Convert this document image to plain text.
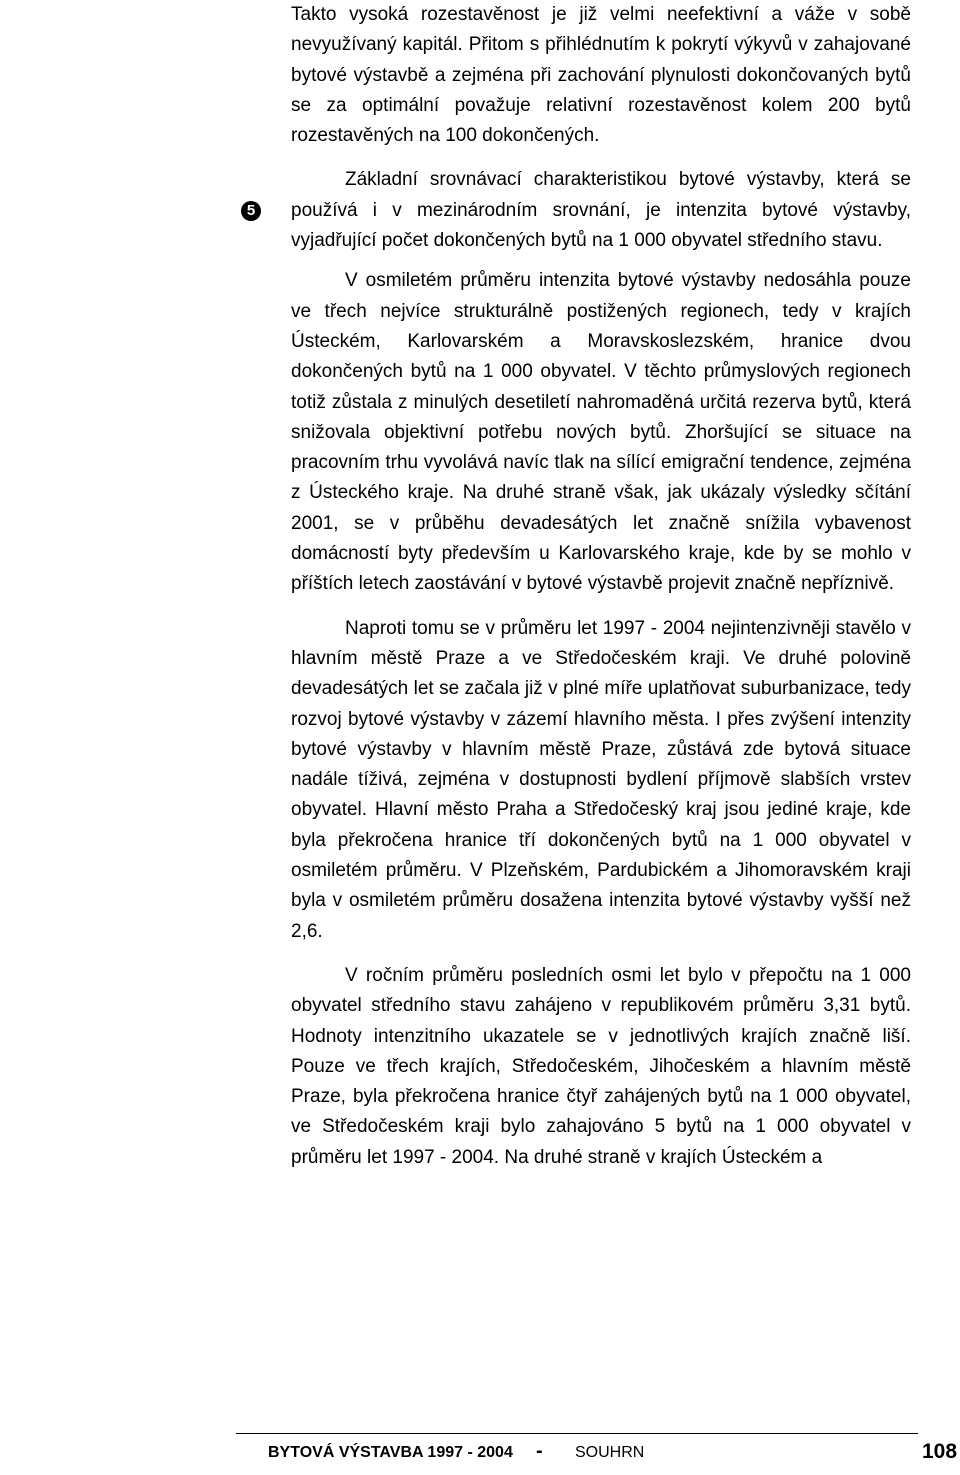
5

Takto vysoká rozestavěnost je již velmi neefektivní a váže v sobě nevyužívaný kapitál. Přitom s přihlédnutím k pokrytí výkyvů v zahajované bytové výstavbě a zejména při zachování plynulosti dokončovaných bytů se za optimální považuje relativní rozestavěnost kolem 200 bytů rozestavěných na 100 dokončených.

Základní srovnávací charakteristikou bytové výstavby, která se používá i v mezinárodním srovnání, je intenzita bytové výstavby, vyjadřující počet dokončených bytů na 1 000 obyvatel středního stavu.

V osmiletém průměru intenzita bytové výstavby nedosáhla pouze ve třech nejvíce strukturálně postižených regionech, tedy v krajích Ústeckém, Karlovarském a Moravskoslezském, hranice dvou dokončených bytů na 1 000 obyvatel. V těchto průmyslových regionech totiž zůstala z minulých desetiletí nahromaděná určitá rezerva bytů, která snižovala objektivní potřebu nových bytů. Zhoršující se situace na pracovním trhu vyvolává navíc tlak na sílící emigrační tendence, zejména z Ústeckého kraje. Na druhé straně však, jak ukázaly výsledky sčítání 2001, se v průběhu devadesátých let značně snížila vybavenost domácností byty především u Karlovarského kraje, kde by se mohlo v příštích letech zaostávání v bytové výstavbě projevit značně nepříznivě.

Naproti tomu se v průměru let 1997 - 2004 nejintenzivněji stavělo v hlavním městě Praze a ve Středočeském kraji. Ve druhé polovině devadesátých let se začala již v plné míře uplatňovat suburbanizace, tedy rozvoj bytové výstavby v zázemí hlavního města. I přes zvýšení intenzity bytové výstavby v hlavním městě Praze, zůstává zde bytová situace nadále tíživá, zejména v dostupnosti bydlení příjmově slabších vrstev obyvatel. Hlavní město Praha a Středočeský kraj jsou jediné kraje, kde byla překročena hranice tří dokončených bytů na 1 000 obyvatel v osmiletém průměru. V Plzeňském, Pardubickém a Jihomoravském kraji byla v osmiletém průměru dosažena intenzita bytové výstavby vyšší než 2,6.

V ročním průměru posledních osmi let bylo v přepočtu na 1 000 obyvatel středního stavu zahájeno v republikovém průměru 3,31 bytů. Hodnoty intenzitního ukazatele se v jednotlivých krajích značně liší. Pouze ve třech krajích, Středočeském, Jihočeském a hlavním městě Praze, byla překročena hranice čtyř zahájených bytů na 1 000 obyvatel, ve Středočeském kraji bylo zahajováno 5 bytů na 1 000 obyvatel v průměru let 1997 - 2004. Na druhé straně v krajích Ústeckém a

BYTOVÁ VÝSTAVBA 1997 - 2004 - SOUHRN	108
